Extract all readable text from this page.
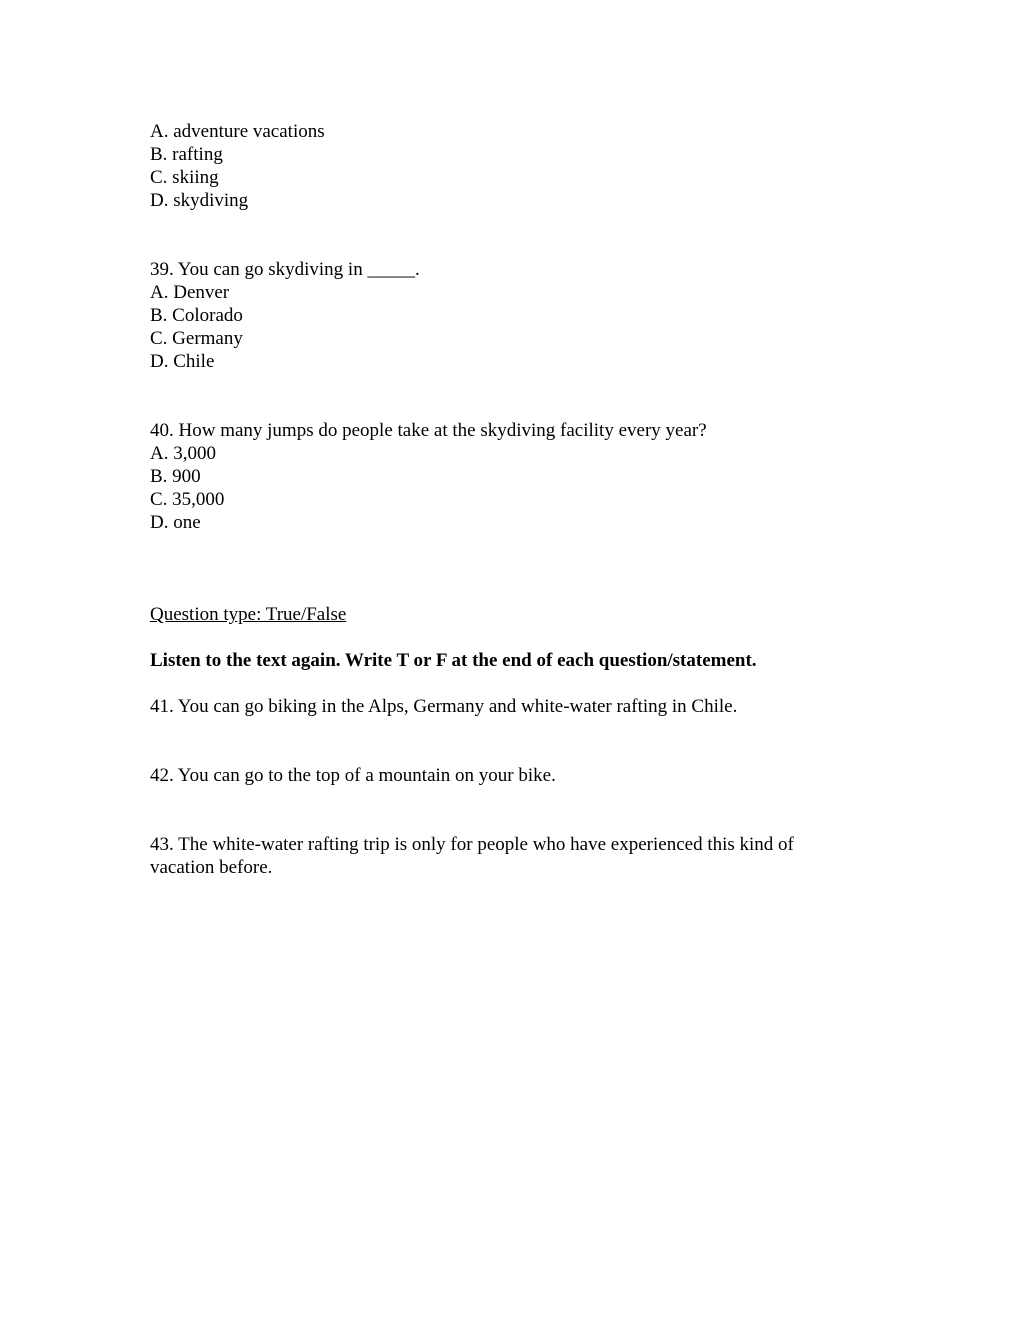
A. adventure vacations

B. rafting

C. skiing

D. skydiving

39. You can go skydiving in _____.

A. Denver

B. Colorado

C. Germany

D. Chile

40. How many jumps do people take at the skydiving facility every year?

A. 3,000

B. 900

C. 35,000

D. one

Question type: True/False

Listen to the text again. Write T or F at the end of each question/statement.

41. You can go biking in the Alps, Germany and white-water rafting in Chile.

42. You can go to the top of a mountain on your bike.

43. The white-water rafting trip is only for people who have experienced this kind of vacation before.
